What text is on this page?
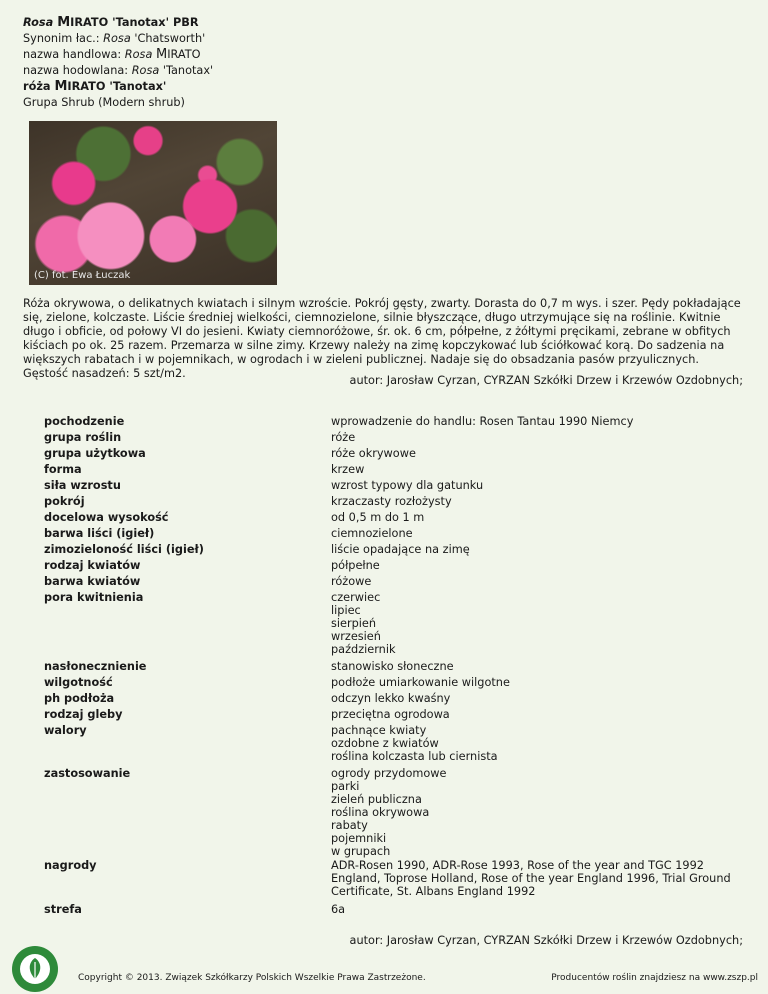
Rosa MIRATO 'Tanotax' PBR
Synonim łac.: Rosa 'Chatsworth'
nazwa handlowa: Rosa MIRATO
nazwa hodowlana: Rosa 'Tanotax'
róża MIRATO 'Tanotax'
Grupa Shrub (Modern shrub)
(C) fot. Ewa Łuczak
Róża okrywowa, o delikatnych kwiatach i silnym wzroście. Pokrój gęsty, zwarty. Dorasta do 0,7 m wys. i szer. Pędy pokładające się, zielone, kolczaste. Liście średniej wielkości, ciemnozielone, silnie błyszczące, długo utrzymujące się na roślinie. Kwitnie długo i obficie, od połowy VI do jesieni. Kwiaty ciemnoróżowe, śr. ok. 6 cm, półpełne, z żółtymi pręcikami, zebrane w obfitych kiściach po ok. 25 razem. Przemarza w silne zimy. Krzewy należy na zimę kopczykować lub ściółkować korą. Do sadzenia na większych rabatach i w pojemnikach, w ogrodach i w zieleni publicznej. Nadaje się do obsadzania pasów przyulicznych. Gęstość nasadzeń: 5 szt/m2.
autor: Jarosław Cyrzan, CYRZAN Szkółki Drzew i Krzewów Ozdobnych;
pochodzenie	wprowadzenie do handlu: Rosen Tantau 1990 Niemcy
grupa roślin	róże
grupa użytkowa	róże okrywowe
forma	krzew
siła wzrostu	wzrost typowy dla gatunku
pokrój	krzaczasty rozłożysty
docelowa wysokość	od 0,5 m do 1 m
barwa liści (igieł)	ciemnozielone
zimozieloność liści (igieł)	liście opadające na zimę
rodzaj kwiatów	półpełne
barwa kwiatów	różowe
pora kwitnienia	czerwiec
lipiec
sierpień
wrzesień
październik
nasłonecznienie	stanowisko słoneczne
wilgotność	podłoże umiarkowanie wilgotne
ph podłoża	odczyn lekko kwaśny
rodzaj gleby	przeciętna ogrodowa
walory	pachnące kwiaty
ozdobne z kwiatów
roślina kolczasta lub ciernista
zastosowanie	ogrody przydomowe
parki
zieleń publiczna
roślina okrywowa
rabaty
pojemniki
w grupach
nagrody	ADR-Rosen 1990, ADR-Rose 1993, Rose of the year and TGC 1992 England, Toprose Holland, Rose of the year England 1996, Trial Ground Certificate, St. Albans England 1992
strefa	6a
autor: Jarosław Cyrzan, CYRZAN Szkółki Drzew i Krzewów Ozdobnych;
Copyright © 2013. Związek Szkółkarzy Polskich Wszelkie Prawa Zastrzeżone.	Producentów roślin znajdziesz na www.zszp.pl
